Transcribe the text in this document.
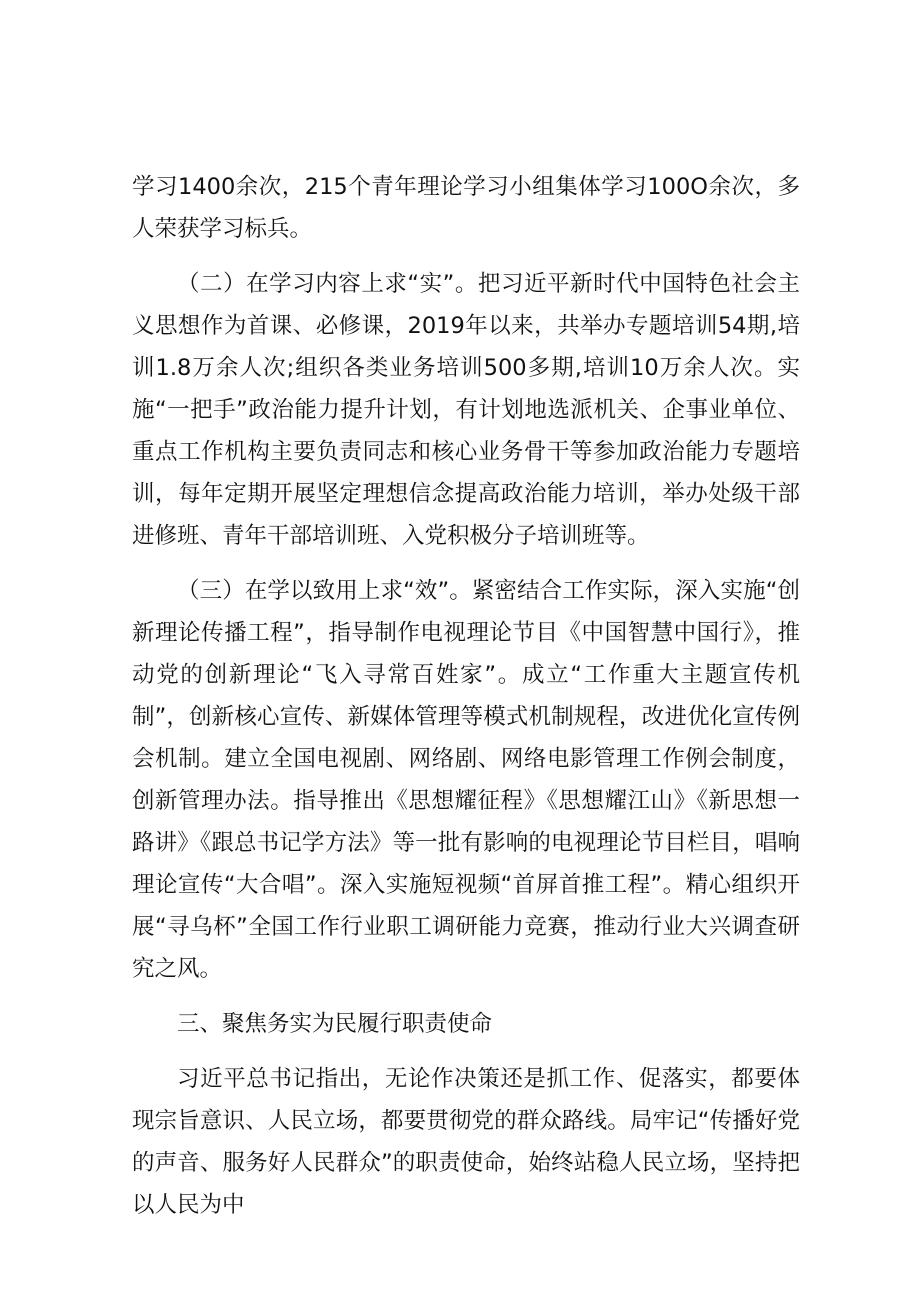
学习1400余次，215个青年理论学习小组集体学习100O余次，多人荣获学习标兵。

（二）在学习内容上求“实”。把习近平新时代中国特色社会主义思想作为首课、必修课，2019年以来，共举办专题培训54期,培训1.8万余人次;组织各类业务培训500多期,培训10万余人次。实施“一把手”政治能力提升计划，有计划地选派机关、企事业单位、重点工作机构主要负责同志和核心业务骨干等参加政治能力专题培训，每年定期开展坚定理想信念提高政治能力培训，举办处级干部进修班、青年干部培训班、入党积极分子培训班等。

（三）在学以致用上求“效”。紧密结合工作实际，深入实施“创新理论传播工程”，指导制作电视理论节目《中国智慧中国行》，推动党的创新理论“飞入寻常百姓家”。成立“工作重大主题宣传机制”，创新核心宣传、新媒体管理等模式机制规程，改进优化宣传例会机制。建立全国电视剧、网络剧、网络电影管理工作例会制度，创新管理办法。指导推出《思想耀征程》《思想耀江山》《新思想一路讲》《跟总书记学方法》等一批有影响的电视理论节目栏目，唱响理论宣传“大合唱”。深入实施短视频“首屏首推工程”。精心组织开展“寻乌杯”全国工作行业职工调研能力竞赛，推动行业大兴调查研究之风。

三、聚焦务实为民履行职责使命

习近平总书记指出，无论作决策还是抓工作、促落实，都要体现宗旨意识、人民立场，都要贯彻党的群众路线。局牢记“传播好党的声音、服务好人民群众”的职责使命，始终站稳人民立场，坚持把以人民为中
